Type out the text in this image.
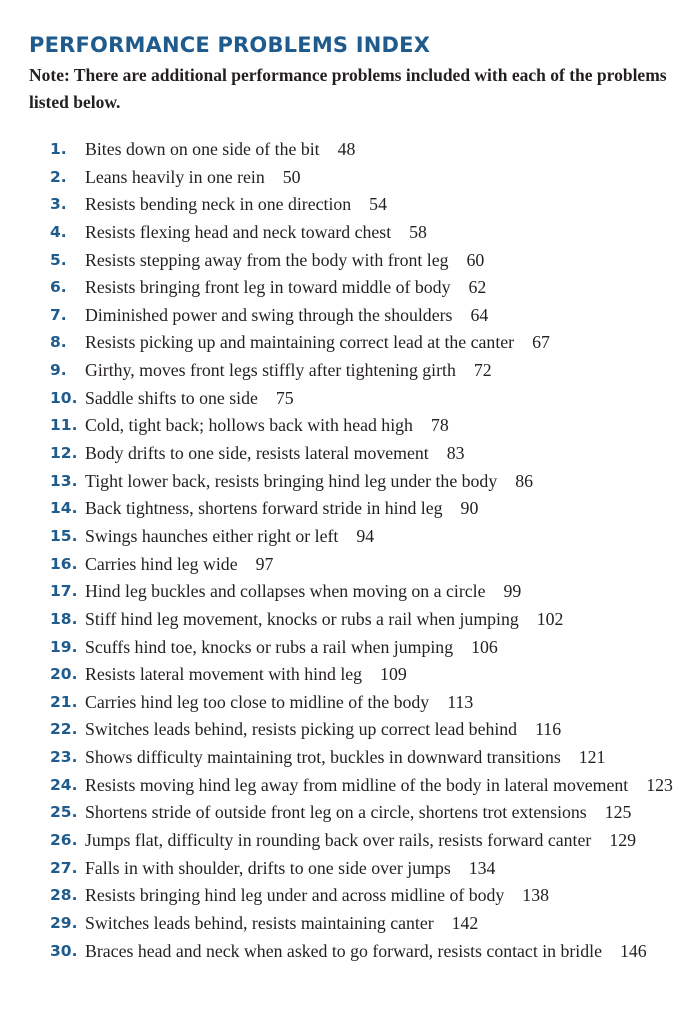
PERFORMANCE PROBLEMS INDEX

Note: There are additional performance problems included with each of the problems listed below.

1. Bites down on one side of the bit 48
2. Leans heavily in one rein 50
3. Resists bending neck in one direction 54
4. Resists flexing head and neck toward chest 58
5. Resists stepping away from the body with front leg 60
6. Resists bringing front leg in toward middle of body 62
7. Diminished power and swing through the shoulders 64
8. Resists picking up and maintaining correct lead at the canter 67
9. Girthy, moves front legs stiffly after tightening girth 72
10. Saddle shifts to one side 75
11. Cold, tight back; hollows back with head high 78
12. Body drifts to one side, resists lateral movement 83
13. Tight lower back, resists bringing hind leg under the body 86
14. Back tightness, shortens forward stride in hind leg 90
15. Swings haunches either right or left 94
16. Carries hind leg wide 97
17. Hind leg buckles and collapses when moving on a circle 99
18. Stiff hind leg movement, knocks or rubs a rail when jumping 102
19. Scuffs hind toe, knocks or rubs a rail when jumping 106
20. Resists lateral movement with hind leg 109
21. Carries hind leg too close to midline of the body 113
22. Switches leads behind, resists picking up correct lead behind 116
23. Shows difficulty maintaining trot, buckles in downward transitions 121
24. Resists moving hind leg away from midline of the body in lateral movement 123
25. Shortens stride of outside front leg on a circle, shortens trot extensions 125
26. Jumps flat, difficulty in rounding back over rails, resists forward canter 129
27. Falls in with shoulder, drifts to one side over jumps 134
28. Resists bringing hind leg under and across midline of body 138
29. Switches leads behind, resists maintaining canter 142
30. Braces head and neck when asked to go forward, resists contact in bridle 146
